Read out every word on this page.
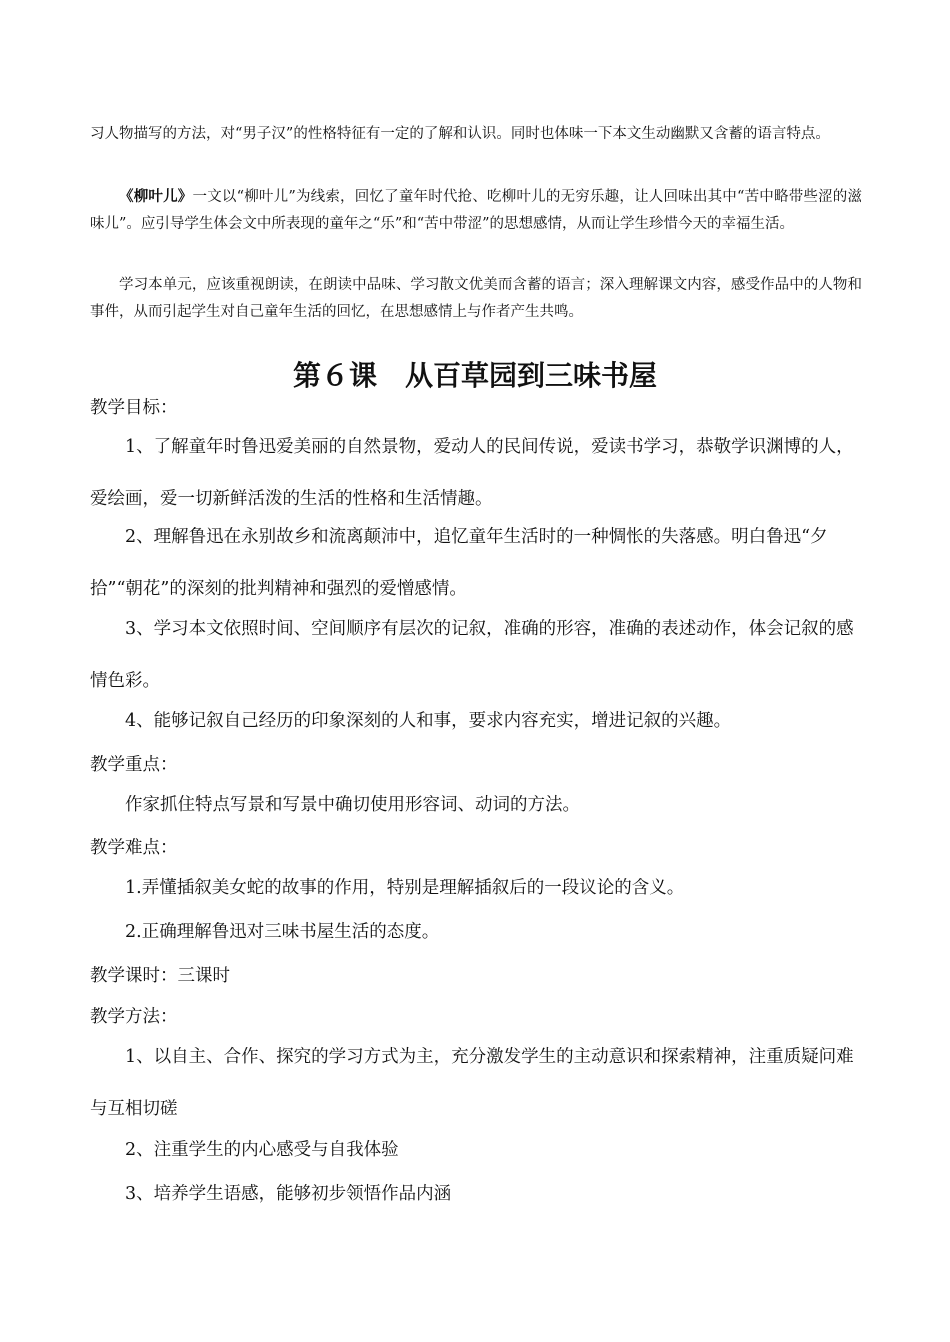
习人物描写的方法，对“男子汉”的性格特征有一定的了解和认识。同时也体味一下本文生动幽默又含蓄的语言特点。

《柳叶儿》一文以“柳叶儿”为线索，回忆了童年时代抢、吃柳叶儿的无穷乐趣，让人回味出其中“苦中略带些涩的滋味儿”。应引导学生体会文中所表现的童年之“乐”和“苦中带涩”的思想感情，从而让学生珍惜今天的幸福生活。

学习本单元，应该重视朗读，在朗读中品味、学习散文优美而含蓄的语言；深入理解课文内容，感受作品中的人物和事件，从而引起学生对自己童年生活的回忆，在思想感情上与作者产生共鸣。

第６课　从百草园到三味书屋

教学目标：

1、了解童年时鲁迅爱美丽的自然景物，爱动人的民间传说，爱读书学习，恭敬学识渊博的人，爱绘画，爱一切新鲜活泼的生活的性格和生活情趣。

2、理解鲁迅在永别故乡和流离颠沛中，追忆童年生活时的一种惆怅的失落感。明白鲁迅“夕拾”“朝花”的深刻的批判精神和强烈的爱憎感情。

3、学习本文依照时间、空间顺序有层次的记叙，准确的形容，准确的表述动作，体会记叙的感情色彩。

4、能够记叙自己经历的印象深刻的人和事，要求内容充实，增进记叙的兴趣。

教学重点：

作家抓住特点写景和写景中确切使用形容词、动词的方法。

教学难点：

1.弄懂插叙美女蛇的故事的作用，特别是理解插叙后的一段议论的含义。

2.正确理解鲁迅对三味书屋生活的态度。

教学课时：三课时

教学方法：

1、以自主、合作、探究的学习方式为主，充分激发学生的主动意识和探索精神，注重质疑问难与互相切磋

2、注重学生的内心感受与自我体验

3、培养学生语感，能够初步领悟作品内涵
